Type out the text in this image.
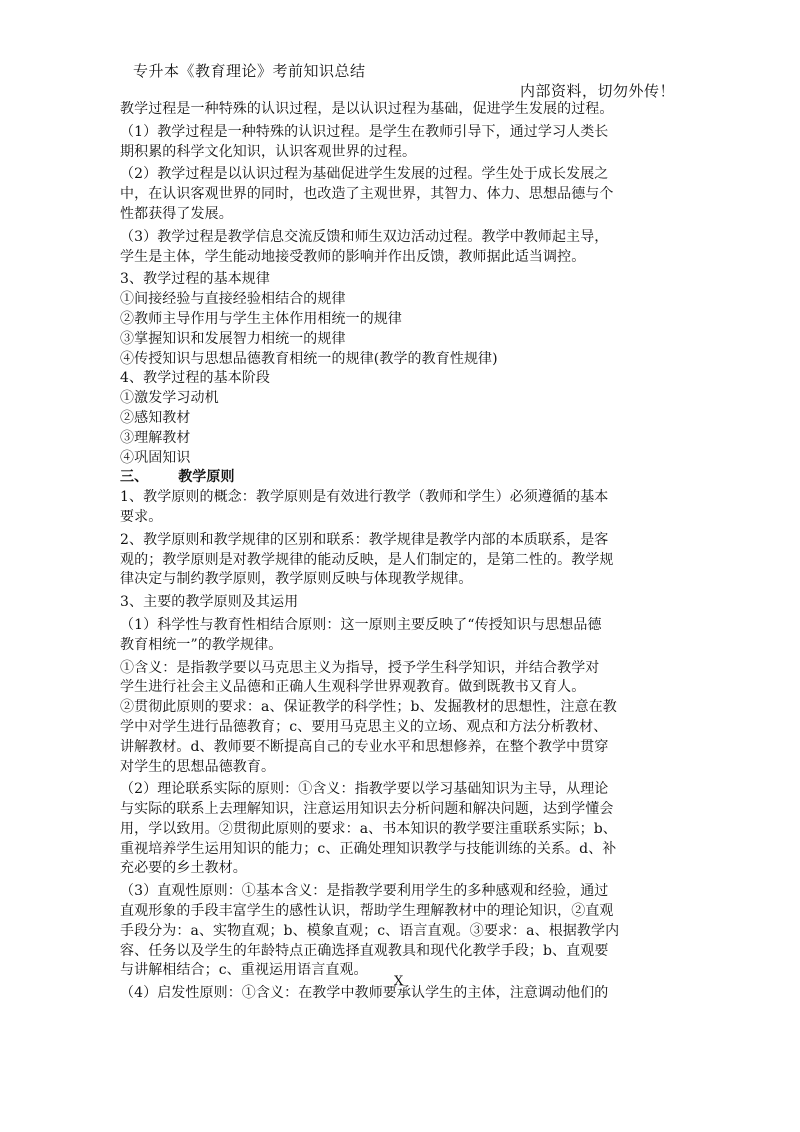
专升本《教育理论》考前知识总结
内部资料，切勿外传！

教学过程是一种特殊的认识过程，是以认识过程为基础，促进学生发展的过程。

（1）教学过程是一种特殊的认识过程。是学生在教师引导下，通过学习人类长

期积累的科学文化知识，认识客观世界的过程。

（2）教学过程是以认识过程为基础促进学生发展的过程。学生处于成长发展之

中，在认识客观世界的同时，也改造了主观世界，其智力、体力、思想品德与个

性都获得了发展。

（3）教学过程是教学信息交流反馈和师生双边活动过程。教学中教师起主导，

学生是主体，学生能动地接受教师的影响并作出反馈，教师据此适当调控。

3、教学过程的基本规律

①间接经验与直接经验相结合的规律

②教师主导作用与学生主体作用相统一的规律

③掌握知识和发展智力相统一的规律

④传授知识与思想品德教育相统一的规律(教学的教育性规律)

4、教学过程的基本阶段

①激发学习动机

②感知教材

③理解教材

④巩固知识

三、 教学原则

1、教学原则的概念：教学原则是有效进行教学（教师和学生）必须遵循的基本

要求。

2、教学原则和教学规律的区别和联系：教学规律是教学内部的本质联系，是客

观的；教学原则是对教学规律的能动反映，是人们制定的，是第二性的。教学规

律决定与制约教学原则，教学原则反映与体现教学规律。

3、主要的教学原则及其运用

（1）科学性与教育性相结合原则：这一原则主要反映了“传授知识与思想品德

教育相统一”的教学规律。

①含义：是指教学要以马克思主义为指导，授予学生科学知识，并结合教学对

学生进行社会主义品德和正确人生观科学世界观教育。做到既教书又育人。

②贯彻此原则的要求：a、保证教学的科学性；b、发掘教材的思想性，注意在教

学中对学生进行品德教育；c、要用马克思主义的立场、观点和方法分析教材、

讲解教材。d、教师要不断提高自己的专业水平和思想修养，在整个教学中贯穿

对学生的思想品德教育。

（2）理论联系实际的原则：①含义：指教学要以学习基础知识为主导，从理论

与实际的联系上去理解知识，注意运用知识去分析问题和解决问题，达到学懂会

用，学以致用。②贯彻此原则的要求：a、书本知识的教学要注重联系实际；b、

重视培养学生运用知识的能力；c、正确处理知识教学与技能训练的关系。d、补

充必要的乡土教材。

（3）直观性原则：①基本含义：是指教学要利用学生的多种感观和经验，通过

直观形象的手段丰富学生的感性认识，帮助学生理解教材中的理论知识，②直观

手段分为：a、实物直观；b、模象直观；c、语言直观。③要求：a、根据教学内

容、任务以及学生的年龄特点正确选择直观教具和现代化教学手段；b、直观要

与讲解相结合；c、重视运用语言直观。

（4）启发性原则：①含义：在教学中教师要承认学生的主体，注意调动他们的

X
